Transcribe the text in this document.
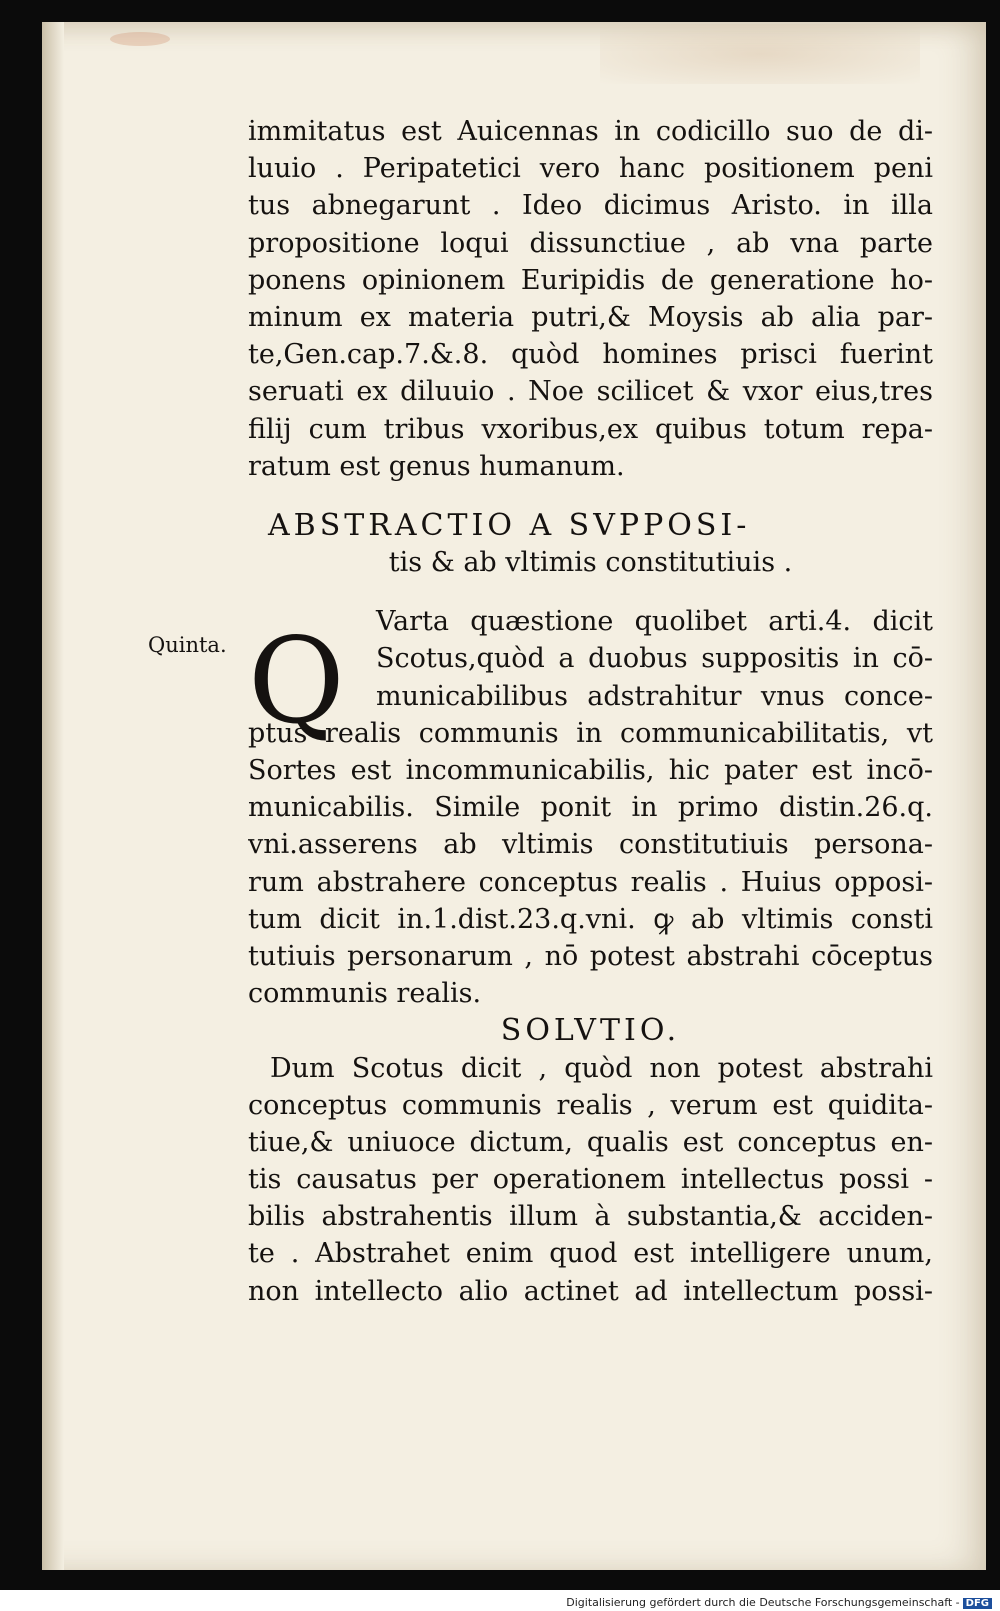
Quinta. Q
immitatus est Auicennas in codicillo suo de di-
luuio . Peripatetici vero hanc positionem peni
tus abnegarunt . Ideo dicimus Aristo. in illa
propositione loqui dissunctiue , ab vna parte
ponens opinionem Euripidis de generatione ho-
minum ex materia putri,& Moysis ab alia par-
te,Gen.cap.7.&.8. quòd homines prisci fuerint
seruati ex diluuio . Noe scilicet & vxor eius,tres
filij cum tribus vxoribus,ex quibus totum repa-
ratum est genus humanum.
ABSTRACTIO A SVPPOSI-
tis & ab vltimis constitutiuis .
Varta quæstione quolibet arti.4. dicit
Scotus,quòd a duobus suppositis in cō-
municabilibus adstrahitur vnus conce-
ptus realis communis in communicabilitatis, vt
Sortes est incommunicabilis, hic pater est incō-
municabilis. Simile ponit in primo distin.26.q.
vni.asserens ab vltimis constitutiuis persona-
rum abstrahere conceptus realis . Huius opposi-
tum dicit in.1.dist.23.q.vni. ꝙ ab vltimis consti
tutiuis personarum , nō potest abstrahi cōceptus
communis realis.
SOLVTIO.
Dum Scotus dicit , quòd non potest abstrahi
conceptus communis realis , verum est quidita-
tiue,& uniuoce dictum, qualis est conceptus en-
tis causatus per operationem intellectus possi -
bilis abstrahentis illum à substantia,& acciden-
te . Abstrahet enim quod est intelligere unum,
non intellecto alio actinet ad intellectum possi-
Digitalisierung gefördert durch die Deutsche Forschungsgemeinschaft - DFG
